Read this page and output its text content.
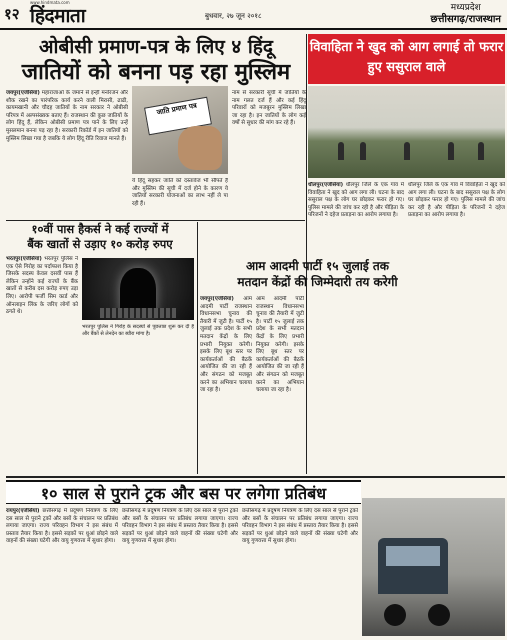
१२
www.hindmata.com
हिंदमाता	बुधवार, २७ जून २०१८
मध्यप्रदेश
छत्तीसगढ़/राजस्थान
ओबीसी प्रमाण-पत्र के लिए ४ हिंदू
जातियों को बनना पड़ रहा मुस्लिम
जयपुर(एजेंसियां) महाराजाओं के जमाने से इन्हीं मनोरंजन और शौक रखने का पारंपरिक कार्य करने वाली मिरासी, ढाढी, कायमखानी और चौदह जातियों के नाम सरकार ने ओबीसी परिपत्र में अल्पसंख्यक बताए हैं। राजस्थान की कुछ जातियों के लोग हिंदू हैं, लेकिन ओबीसी प्रमाण पत्र पाने के लिए उन्हें मुसलमान बनना पड़ रहा है। सरकारी रिकॉर्ड में इन जातियों को मुस्लिम लिखा गया है जबकि ये लोग हिंदू रीति रिवाज मानते हैं।
जाति प्रमाण पत्र
ये हिंदू सहकर जाति को दस्तावेज भी सौंपते हैं और मुस्लिम की सूची में दर्ज होने के कारण ये जातियाँ सरकारी योजनाओं का लाभ नहीं ले पा रही हैं।
नाम से सरकारी सूची में जातियों के नाम गलत दर्ज हैं और कई हिंदू परिवारों को मजबूरन मुस्लिम लिखा जा रहा है। इन जातियों के लोग कई वर्षों से सुधार की मांग कर रहे हैं।
विवाहिता ने खुद को आग लगाई तो फरार हुए ससुराल वाले
धौलपुर(एजेंसियां) धौलपुर जिले के एक गांव में विवाहिता ने खुद को आग लगा ली। घटना के बाद ससुराल पक्ष के लोग घर छोड़कर फरार हो गए। पुलिस मामले की जांच कर रही है और पीड़िता के परिजनों ने दहेज प्रताड़ना का आरोप लगाया है।
धौलपुर जिले के एक गांव में विवाहिता ने खुद को आग लगा ली। घटना के बाद ससुराल पक्ष के लोग घर छोड़कर फरार हो गए। पुलिस मामले की जांच कर रही है और पीड़िता के परिजनों ने दहेज प्रताड़ना का आरोप लगाया है।
१०वीं पास हैकर्स ने कई राज्यों में
बैंक खातों से उड़ाए १० करोड़ रुपए
भरतपुर(एजेंसियां) भरतपुर पुलिस ने एक ऐसे गिरोह का पर्दाफाश किया है जिसके सदस्य केवल दसवीं पास हैं लेकिन उन्होंने कई राज्यों के बैंक खातों से करीब दस करोड़ रुपए उड़ा लिए। आरोपी फर्जी सिम कार्ड और ऑनलाइन लिंक के जरिए लोगों को ठगते थे।
भरतपुर पुलिस ने गिरोह के सदस्यों से पूछताछ शुरू कर दी है और बैंकों से लेनदेन का ब्यौरा मांगा है।
आम आदमी पार्टी १५ जुलाई तक
मतदान केंद्रों की जिम्मेदारी तय करेगी
जयपुर(एजेंसियां) आम आदमी पार्टी राजस्थान विधानसभा चुनाव की तैयारी में जुटी है। पार्टी १५ जुलाई तक प्रदेश के सभी मतदान केंद्रों के लिए प्रभारी नियुक्त करेगी। इसके लिए बूथ स्तर पर कार्यकर्ताओं की बैठकें आयोजित की जा रही हैं और संगठन को मजबूत करने का अभियान चलाया जा रहा है।
आम आदमी पार्टी राजस्थान विधानसभा चुनाव की तैयारी में जुटी है। पार्टी १५ जुलाई तक प्रदेश के सभी मतदान केंद्रों के लिए प्रभारी नियुक्त करेगी। इसके लिए बूथ स्तर पर कार्यकर्ताओं की बैठकें आयोजित की जा रही हैं और संगठन को मजबूत करने का अभियान चलाया जा रहा है।
१० साल से पुराने ट्रक और बस पर लगेगा प्रतिबंध
रायपुर(एजेंसियां) छत्तीसगढ़ में प्रदूषण नियंत्रण के लिए दस साल से पुराने ट्रकों और बसों के संचालन पर प्रतिबंध लगाया जाएगा। राज्य परिवहन विभाग ने इस संबंध में प्रस्ताव तैयार किया है। इससे सड़कों पर धुआं छोड़ने वाले वाहनों की संख्या घटेगी और वायु गुणवत्ता में सुधार होगा।
छत्तीसगढ़ में प्रदूषण नियंत्रण के लिए दस साल से पुराने ट्रकों और बसों के संचालन पर प्रतिबंध लगाया जाएगा। राज्य परिवहन विभाग ने इस संबंध में प्रस्ताव तैयार किया है। इससे सड़कों पर धुआं छोड़ने वाले वाहनों की संख्या घटेगी और वायु गुणवत्ता में सुधार होगा।
छत्तीसगढ़ में प्रदूषण नियंत्रण के लिए दस साल से पुराने ट्रकों और बसों के संचालन पर प्रतिबंध लगाया जाएगा। राज्य परिवहन विभाग ने इस संबंध में प्रस्ताव तैयार किया है। इससे सड़कों पर धुआं छोड़ने वाले वाहनों की संख्या घटेगी और वायु गुणवत्ता में सुधार होगा।
